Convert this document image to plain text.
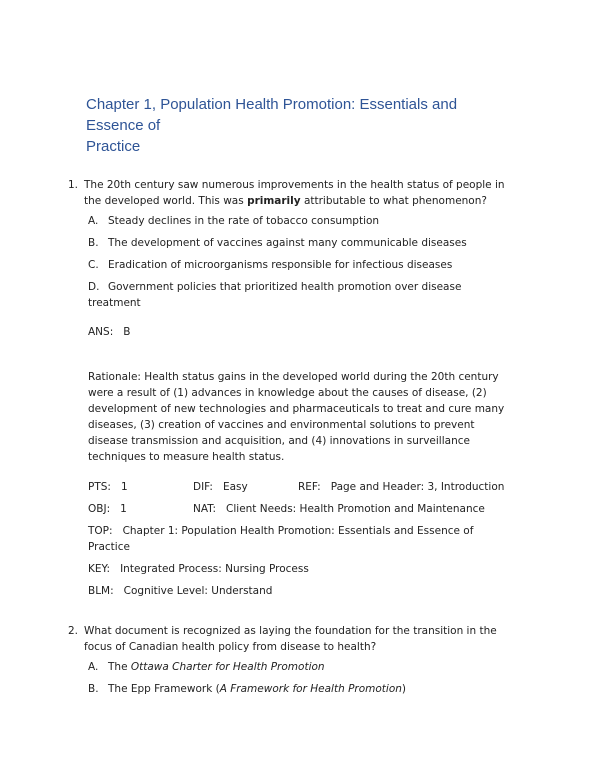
Chapter 1, Population Health Promotion: Essentials and Essence of
Practice
1. The 20th century saw numerous improvements in the health status of people in the developed world. This was primarily attributable to what phenomenon?
A. Steady declines in the rate of tobacco consumption
B. The development of vaccines against many communicable diseases
C. Eradication of microorganisms responsible for infectious diseases
D. Government policies that prioritized health promotion over disease treatment
ANS: B
Rationale: Health status gains in the developed world during the 20th century were a result of (1) advances in knowledge about the causes of disease, (2) development of new technologies and pharmaceuticals to treat and cure many diseases, (3) creation of vaccines and environmental solutions to prevent disease transmission and acquisition, and (4) innovations in surveillance techniques to measure health status.
PTS: 1	DIF: Easy	REF: Page and Header: 3, Introduction
OBJ: 1	NAT: Client Needs: Health Promotion and Maintenance
TOP: Chapter 1: Population Health Promotion: Essentials and Essence of Practice
KEY: Integrated Process: Nursing Process
BLM: Cognitive Level: Understand
2. What document is recognized as laying the foundation for the transition in the focus of Canadian health policy from disease to health?
A. The Ottawa Charter for Health Promotion
B. The Epp Framework (A Framework for Health Promotion)
